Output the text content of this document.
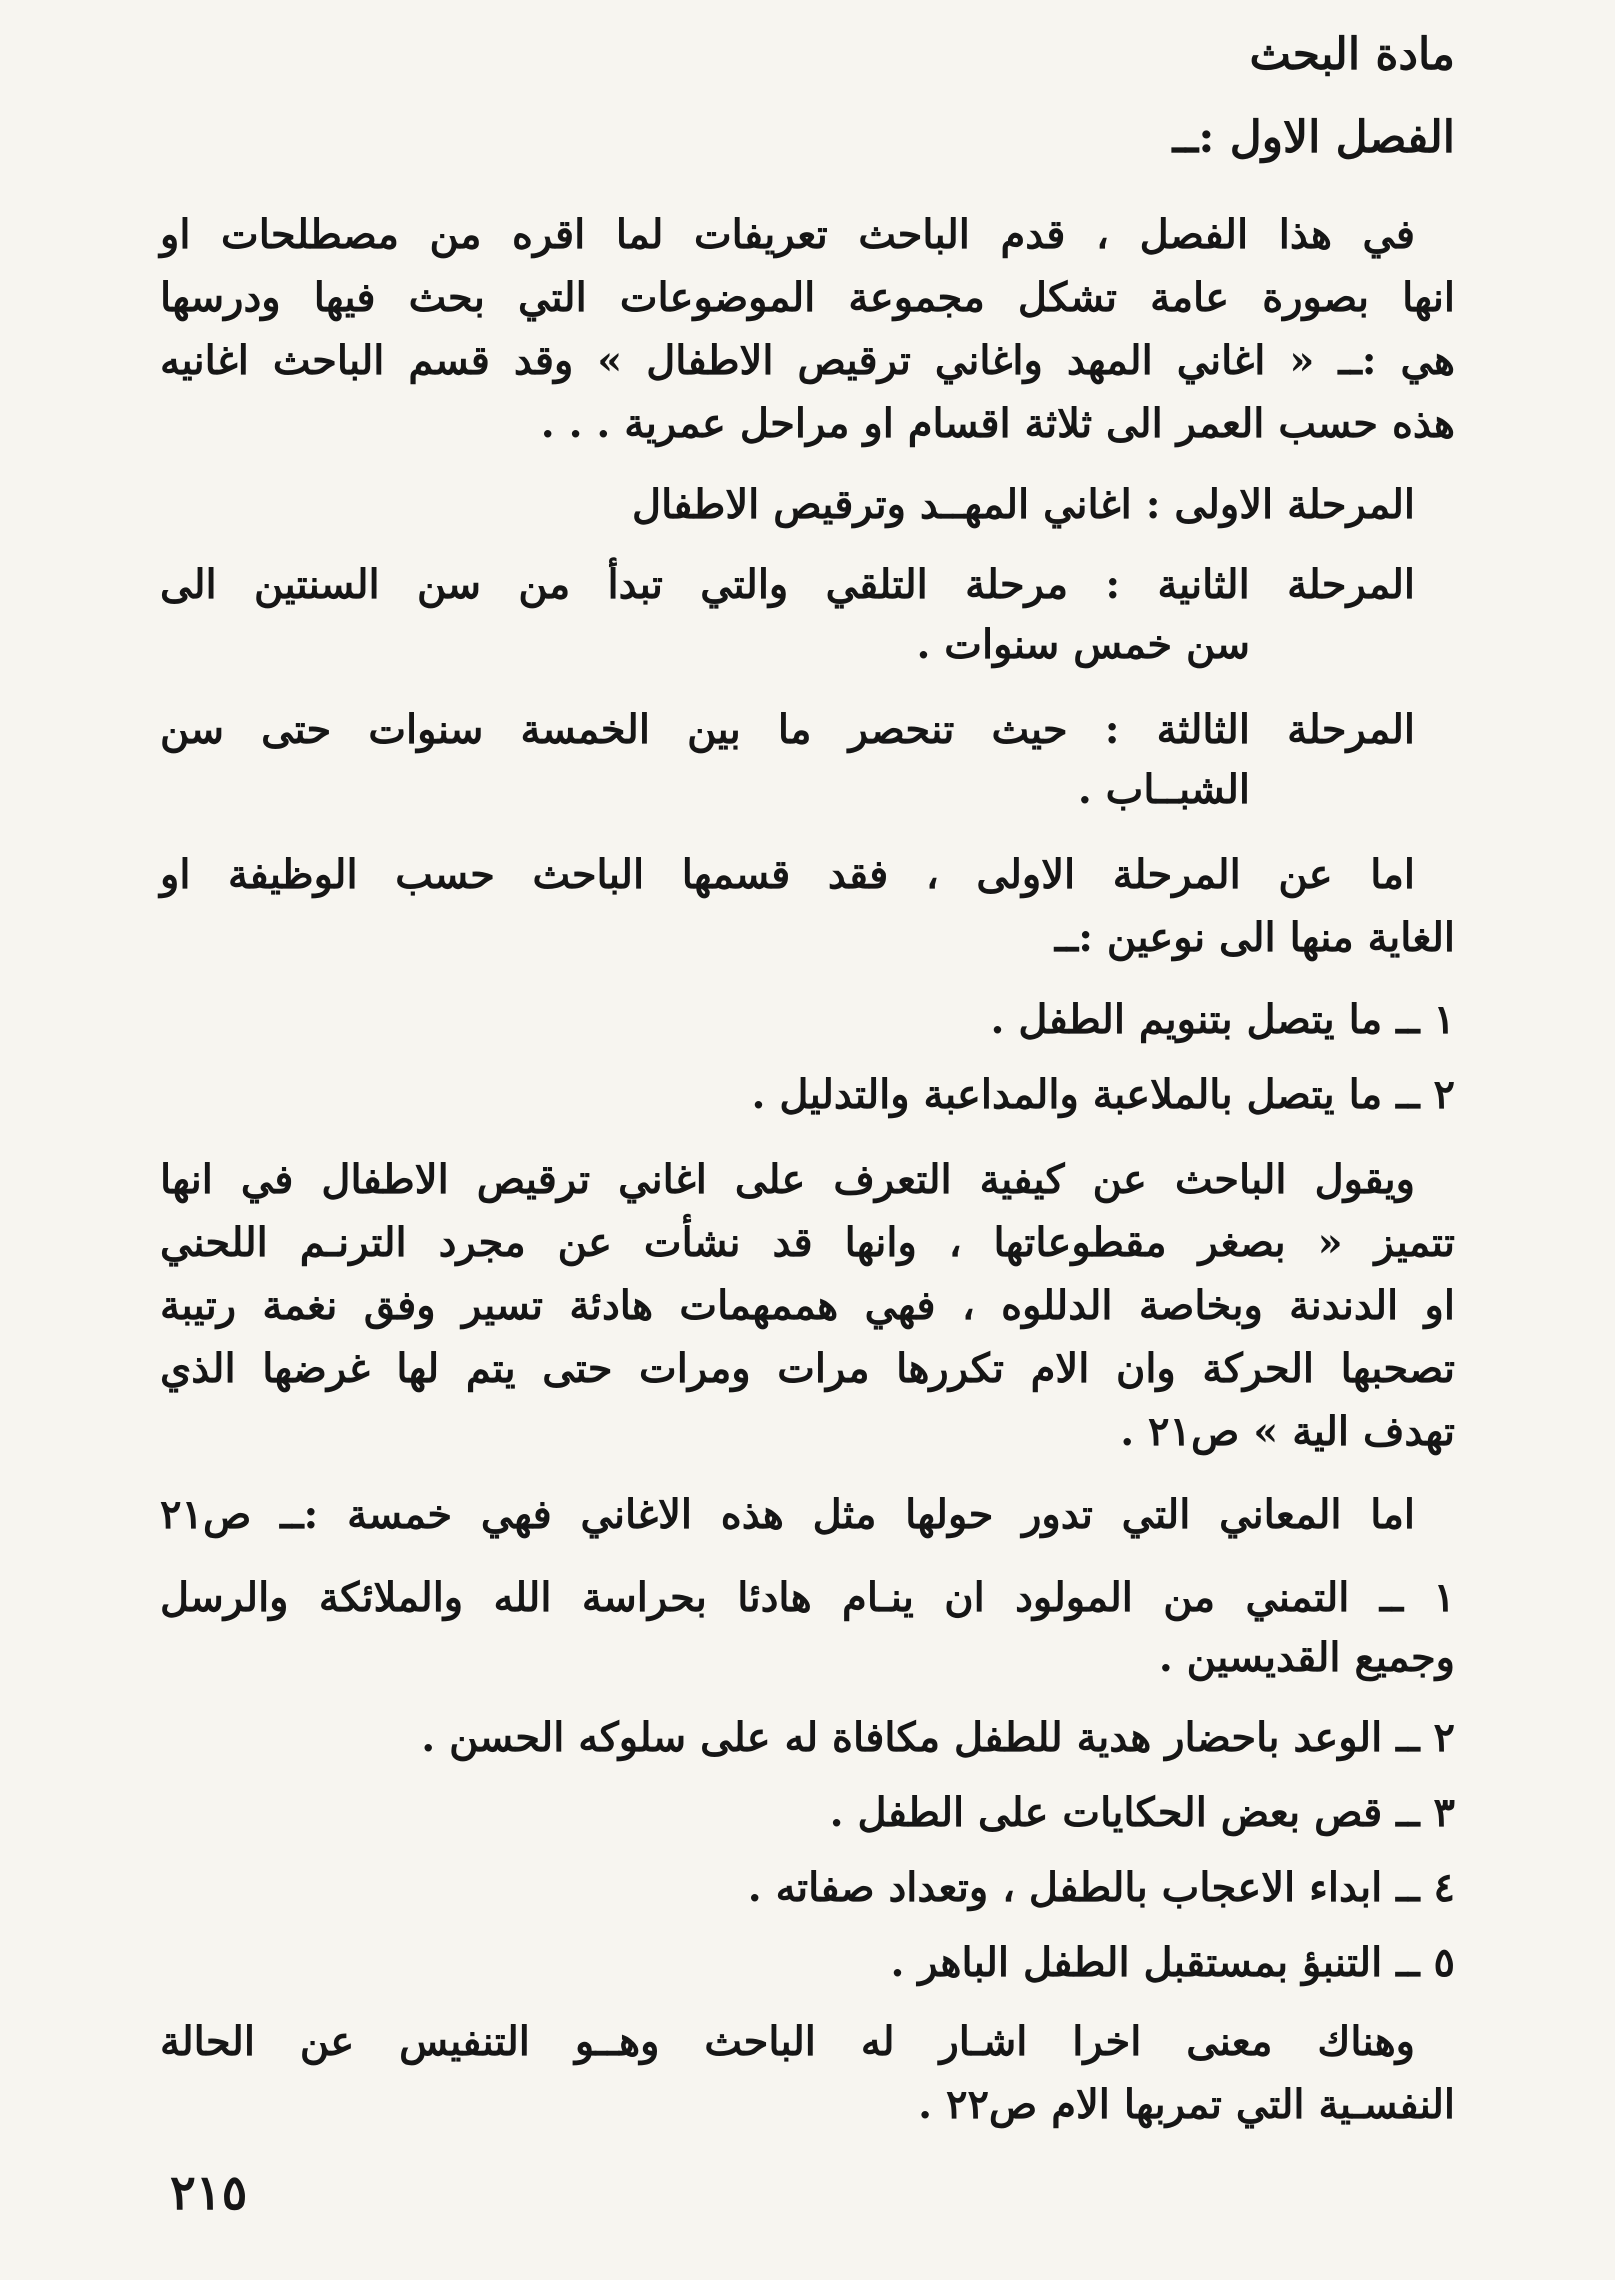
مادة البحث
الفصل الاول :ــ
في هذا الفصل ، قدم الباحث تعريفات لما اقره من مصطلحات او
انها بصورة عامة تشكل مجموعة الموضوعات التي بحث فيها ودرسها
هي :ــ « اغاني المهد واغاني ترقيص الاطفال » وقد قسم الباحث اغانيه
هذه حسب العمر الى ثلاثة اقسام او مراحل عمرية . . .
المرحلة الاولى : اغاني المهــد وترقيص الاطفال
المرحلة الثانية : مرحلة التلقي والتي تبدأ من سن السنتين الى
سن خمس سنوات .
المرحلة الثالثة : حيث تنحصر ما بين الخمسة سنوات حتى سن
الشبــاب .
اما عن المرحلة الاولى ، فقد قسمها الباحث حسب الوظيفة او
الغاية منها الى نوعين :ــ
١ ــ ما يتصل بتنويم الطفل .
٢ ــ ما يتصل بالملاعبة والمداعبة والتدليل .
ويقول الباحث عن كيفية التعرف على اغاني ترقيص الاطفال في انها
تتميز « بصغر مقطوعاتها ، وانها قد نشأت عن مجرد الترنـم اللحني
او الدندنة وبخاصة الدللوه ، فهي هممهمات هادئة تسير وفق نغمة رتيبة
تصحبها الحركة وان الام تكررها مرات ومرات حتى يتم لها غرضها الذي
تهدف الية » ص٢١ .
اما المعاني التي تدور حولها مثل هذه الاغاني فهي خمسة :ــ ص٢١
١ ــ التمني من المولود ان ينـام هادئا بحراسة الله والملائكة والرسل
وجميع القديسين .
٢ ــ الوعد باحضار هدية للطفل مكافاة له على سلوكه الحسن .
٣ ــ قص بعض الحكايات على الطفل .
٤ ــ ابداء الاعجاب بالطفل ، وتعداد صفاته .
٥ ــ التنبؤ بمستقبل الطفل الباهر .
وهناك معنى اخرا اشـار له الباحث وهــو التنفيس عن الحالة
النفسـية التي تمربها الام ص٢٢ .
٢١٥
